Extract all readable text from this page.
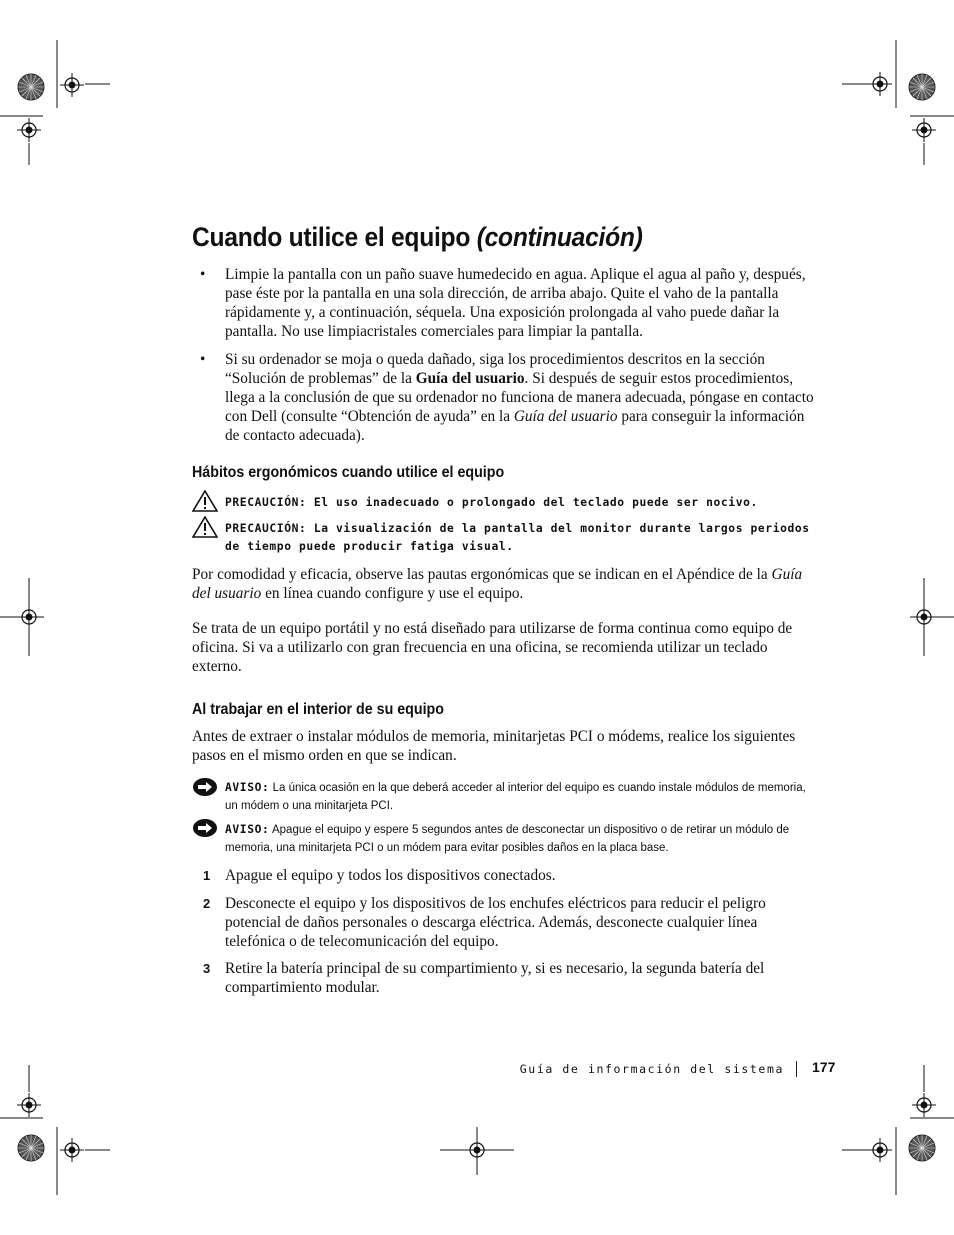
Cuando utilice el equipo (continuación)
• Limpie la pantalla con un paño suave humedecido en agua. Aplique el agua al paño y, después, pase éste por la pantalla en una sola dirección, de arriba abajo. Quite el vaho de la pantalla rápidamente y, a continuación, séquela. Una exposición prolongada al vaho puede dañar la pantalla. No use limpiacristales comerciales para limpiar la pantalla.
• Si su ordenador se moja o queda dañado, siga los procedimientos descritos en la sección “Solución de problemas” de la Guía del usuario. Si después de seguir estos procedimientos, llega a la conclusión de que su ordenador no funciona de manera adecuada, póngase en contacto con Dell (consulte “Obtención de ayuda” en la Guía del usuario para conseguir la información de contacto adecuada).
Hábitos ergonómicos cuando utilice el equipo
PRECAUCIÓN: El uso inadecuado o prolongado del teclado puede ser nocivo.
PRECAUCIÓN: La visualización de la pantalla del monitor durante largos periodos de tiempo puede producir fatiga visual.
Por comodidad y eficacia, observe las pautas ergonómicas que se indican en el Apéndice de la Guía del usuario en línea cuando configure y use el equipo.
Se trata de un equipo portátil y no está diseñado para utilizarse de forma continua como equipo de oficina. Si va a utilizarlo con gran frecuencia en una oficina, se recomienda utilizar un teclado externo.
Al trabajar en el interior de su equipo
Antes de extraer o instalar módulos de memoria, minitarjetas PCI o módems, realice los siguientes pasos en el mismo orden en que se indican.
AVISO: La única ocasión en la que deberá acceder al interior del equipo es cuando instale módulos de memoria, un módem o una minitarjeta PCI.
AVISO: Apague el equipo y espere 5 segundos antes de desconectar un dispositivo o de retirar un módulo de memoria, una minitarjeta PCI o un módem para evitar posibles daños en la placa base.
1 Apague el equipo y todos los dispositivos conectados.
2 Desconecte el equipo y los dispositivos de los enchufes eléctricos para reducir el peligro potencial de daños personales o descarga eléctrica. Además, desconecte cualquier línea telefónica o de telecomunicación del equipo.
3 Retire la batería principal de su compartimiento y, si es necesario, la segunda batería del compartimiento modular.
Guía de información del sistema 177
